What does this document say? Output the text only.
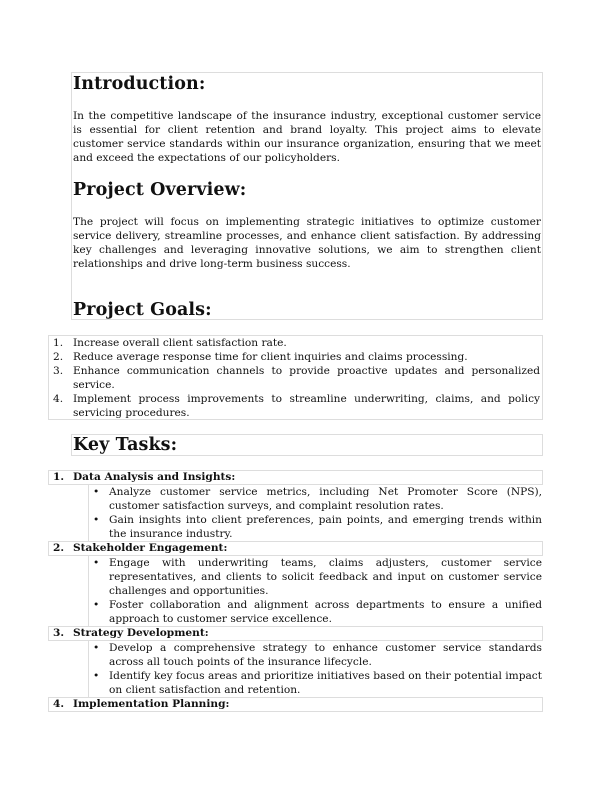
Introduction:

In the competitive landscape of the insurance industry, exceptional customer service is essential for client retention and brand loyalty. This project aims to elevate customer service standards within our insurance organization, ensuring that we meet and exceed the expectations of our policyholders.

Project Overview:

The project will focus on implementing strategic initiatives to optimize customer service delivery, streamline processes, and enhance client satisfaction. By addressing key challenges and leveraging innovative solutions, we aim to strengthen client relationships and drive long-term business success.

Project Goals:
1. Increase overall client satisfaction rate.
2. Reduce average response time for client inquiries and claims processing.
3. Enhance communication channels to provide proactive updates and personalized service.
4. Implement process improvements to streamline underwriting, claims, and policy servicing procedures.
Key Tasks:
1. Data Analysis and Insights:
• Analyze customer service metrics, including Net Promoter Score (NPS), customer satisfaction surveys, and complaint resolution rates.
• Gain insights into client preferences, pain points, and emerging trends within the insurance industry.
2. Stakeholder Engagement:
• Engage with underwriting teams, claims adjusters, customer service representatives, and clients to solicit feedback and input on customer service challenges and opportunities.
• Foster collaboration and alignment across departments to ensure a unified approach to customer service excellence.
3. Strategy Development:
• Develop a comprehensive strategy to enhance customer service standards across all touch points of the insurance lifecycle.
• Identify key focus areas and prioritize initiatives based on their potential impact on client satisfaction and retention.
4. Implementation Planning:
